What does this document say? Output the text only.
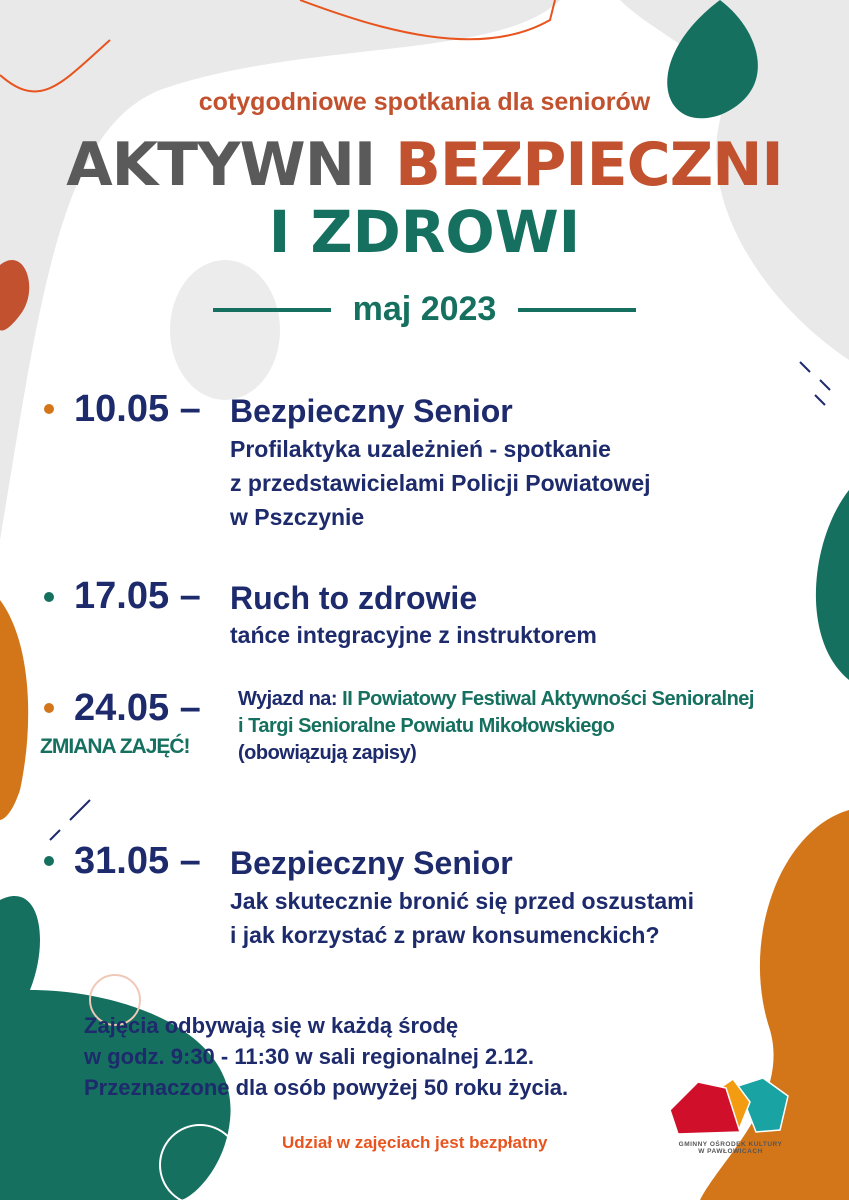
cotygodniowe spotkania dla seniorów
AKTYWNI BEZPIECZNI
I ZDROWI
maj 2023
10.05 – Bezpieczny Senior
Profilaktyka uzależnień - spotkanie
z przedstawicielami Policji Powiatowej
w Pszczynie
17.05 – Ruch to zdrowie
tańce integracyjne z instruktorem
24.05 –
ZMIANA ZAJĘĆ!
Wyjazd na: II Powiatowy Festiwal Aktywności Senioralnej
i Targi Senioralne Powiatu Mikołowskiego
(obowiązują zapisy)
31.05 – Bezpieczny Senior
Jak skutecznie bronić się przed oszustami
i jak korzystać z praw konsumenckich?
Zajęcia odbywają się w każdą środę
w godz. 9:30 - 11:30 w sali regionalnej 2.12.
Przeznaczone dla osób powyżej 50 roku życia.
Udział w zajęciach jest bezpłatny	GMINNY OŚRODEK KULTURY
W PAWŁOWICACH
